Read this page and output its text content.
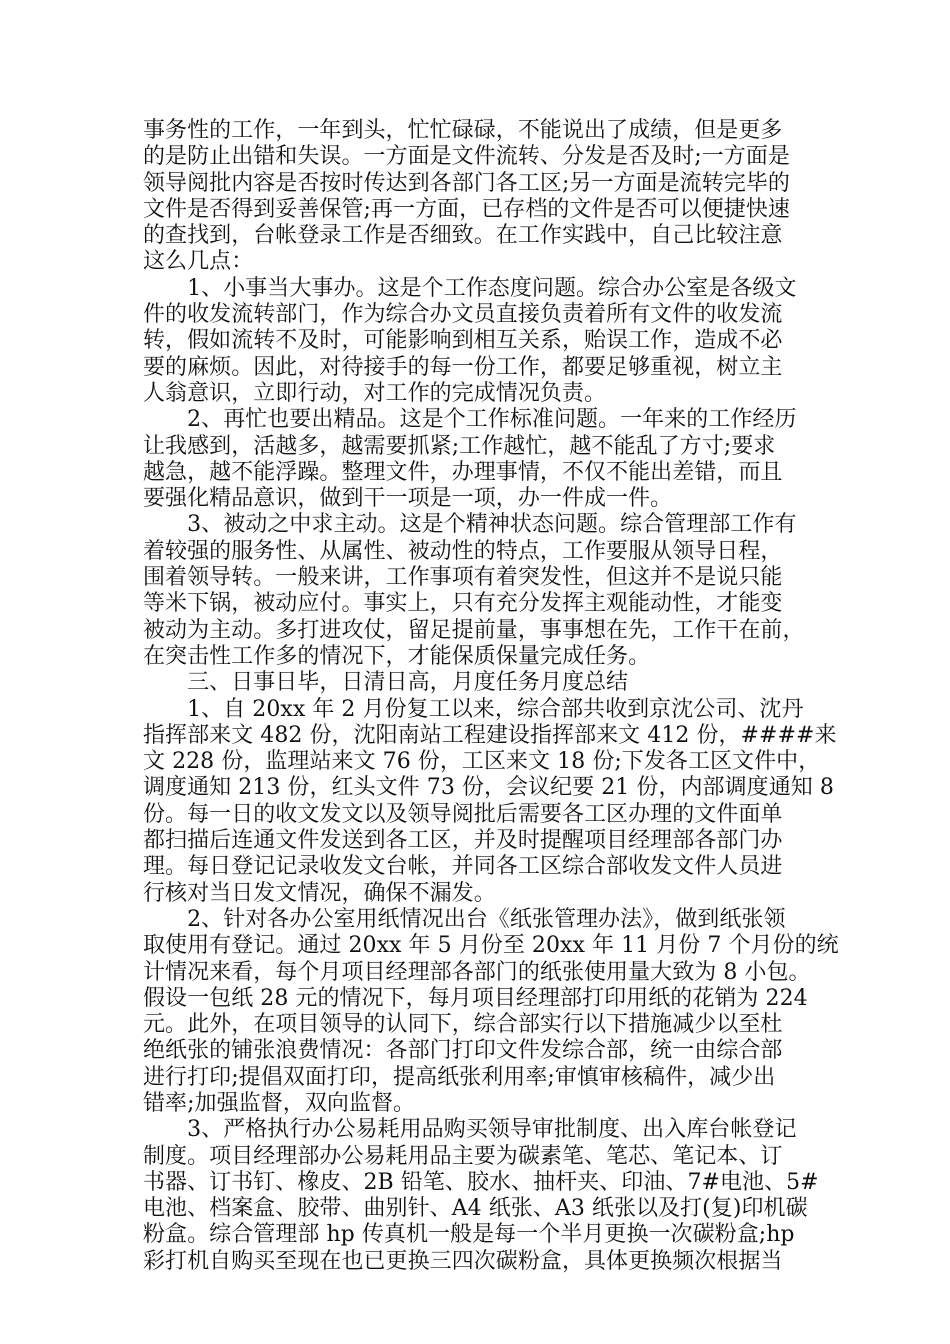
事务性的工作，一年到头，忙忙碌碌，不能说出了成绩，但是更多
的是防止出错和失误。一方面是文件流转、分发是否及时;一方面是
领导阅批内容是否按时传达到各部门各工区;另一方面是流转完毕的
文件是否得到妥善保管;再一方面，已存档的文件是否可以便捷快速
的查找到，台帐登录工作是否细致。在工作实践中，自己比较注意
这么几点：
　　1、小事当大事办。这是个工作态度问题。综合办公室是各级文
件的收发流转部门，作为综合办文员直接负责着所有文件的收发流
转，假如流转不及时，可能影响到相互关系，贻误工作，造成不必
要的麻烦。因此，对待接手的每一份工作，都要足够重视，树立主
人翁意识，立即行动，对工作的完成情况负责。
　　2、再忙也要出精品。这是个工作标准问题。一年来的工作经历
让我感到，活越多，越需要抓紧;工作越忙，越不能乱了方寸;要求
越急，越不能浮躁。整理文件，办理事情，不仅不能出差错，而且
要强化精品意识，做到干一项是一项，办一件成一件。
　　3、被动之中求主动。这是个精神状态问题。综合管理部工作有
着较强的服务性、从属性、被动性的特点，工作要服从领导日程，
围着领导转。一般来讲，工作事项有着突发性，但这并不是说只能
等米下锅，被动应付。事实上，只有充分发挥主观能动性，才能变
被动为主动。多打进攻仗，留足提前量，事事想在先，工作干在前，
在突击性工作多的情况下，才能保质保量完成任务。
　　三、日事日毕，日清日高，月度任务月度总结
　　1、自 20xx 年 2 月份复工以来，综合部共收到京沈公司、沈丹
指挥部来文 482 份，沈阳南站工程建设指挥部来文 412 份，####来
文 228 份，监理站来文 76 份，工区来文 18 份;下发各工区文件中，
调度通知 213 份，红头文件 73 份，会议纪要 21 份，内部调度通知 8
份。每一日的收文发文以及领导阅批后需要各工区办理的文件面单
都扫描后连通文件发送到各工区，并及时提醒项目经理部各部门办
理。每日登记记录收发文台帐，并同各工区综合部收发文件人员进
行核对当日发文情况，确保不漏发。
　　2、针对各办公室用纸情况出台《纸张管理办法》，做到纸张领
取使用有登记。通过 20xx 年 5 月份至 20xx 年 11 月份 7 个月份的统
计情况来看，每个月项目经理部各部门的纸张使用量大致为 8 小包。
假设一包纸 28 元的情况下，每月项目经理部打印用纸的花销为 224
元。此外，在项目领导的认同下，综合部实行以下措施减少以至杜
绝纸张的铺张浪费情况：各部门打印文件发综合部，统一由综合部
进行打印;提倡双面打印，提高纸张利用率;审慎审核稿件，减少出
错率;加强监督，双向监督。
　　3、严格执行办公易耗用品购买领导审批制度、出入库台帐登记
制度。项目经理部办公易耗用品主要为碳素笔、笔芯、笔记本、订
书器、订书钉、橡皮、2B 铅笔、胶水、抽杆夹、印油、7#电池、5#
电池、档案盒、胶带、曲别针、A4 纸张、A3 纸张以及打(复)印机碳
粉盒。综合管理部 hp 传真机一般是每一个半月更换一次碳粉盒;hp
彩打机自购买至现在也已更换三四次碳粉盒，具体更换频次根据当
